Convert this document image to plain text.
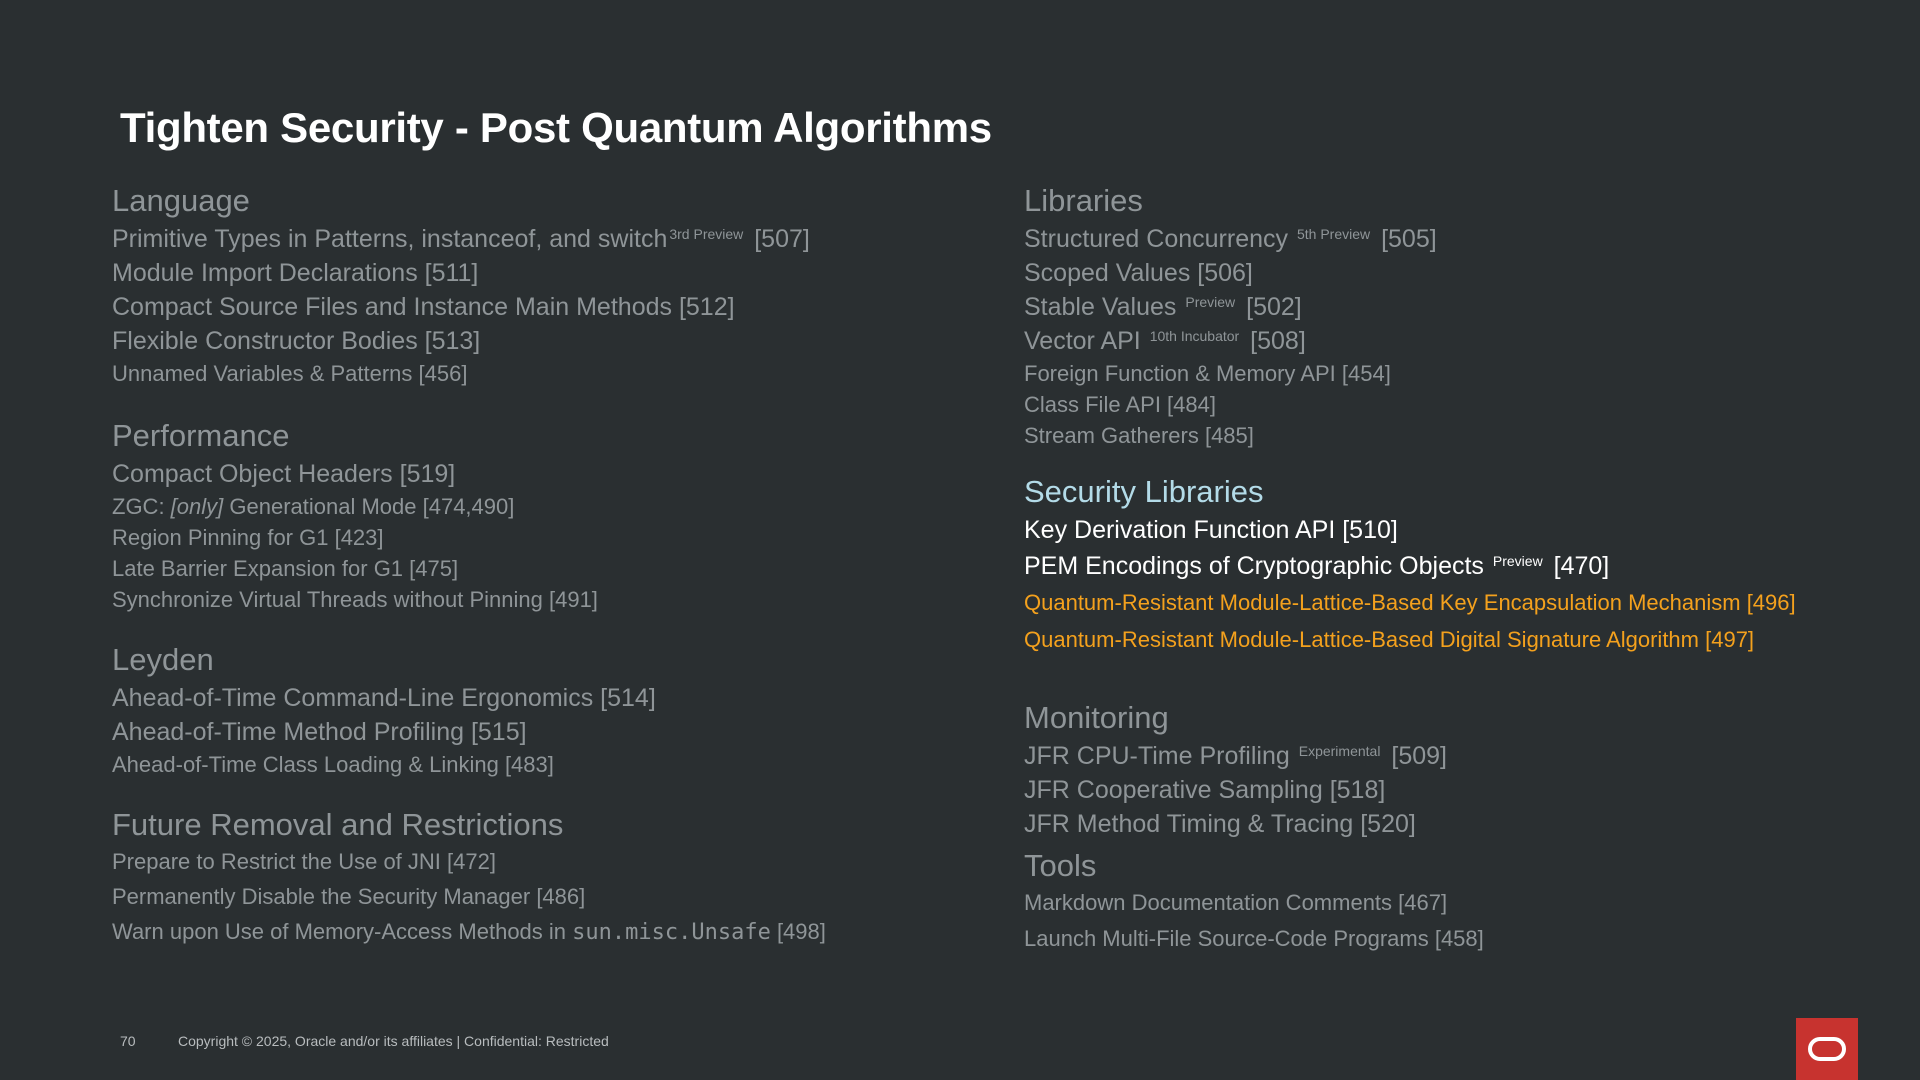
Tighten Security - Post Quantum Algorithms
Language
Primitive Types in Patterns, instanceof, and switch $^{3rd Preview}$ [507]
Module Import Declarations [511]
Compact Source Files and Instance Main Methods [512]
Flexible Constructor Bodies [513]
Unnamed Variables & Patterns [456]
Performance
Compact Object Headers [519]
ZGC: [only] Generational Mode [474,490]
Region Pinning for G1 [423]
Late Barrier Expansion for G1 [475]
Synchronize Virtual Threads without Pinning [491]
Leyden
Ahead-of-Time Command-Line Ergonomics [514]
Ahead-of-Time Method Profiling [515]
Ahead-of-Time Class Loading & Linking [483]
Future Removal and Restrictions
Prepare to Restrict the Use of JNI [472]
Permanently Disable the Security Manager [486]
Warn upon Use of Memory-Access Methods in sun.misc.Unsafe [498]
Libraries
Structured Concurrency $^{5th Preview}$ [505]
Scoped Values [506]
Stable Values $^{Preview}$ [502]
Vector API $^{10th Incubator}$ [508]
Foreign Function & Memory API [454]
Class File API [484]
Stream Gatherers [485]
Security Libraries
Key Derivation Function API [510]
PEM Encodings of Cryptographic Objects $^{Preview}$ [470]
Quantum-Resistant Module-Lattice-Based Key Encapsulation Mechanism [496]
Quantum-Resistant Module-Lattice-Based Digital Signature Algorithm [497]
Monitoring
JFR CPU-Time Profiling $^{Experimental}$ [509]
JFR Cooperative Sampling [518]
JFR Method Timing & Tracing [520]
Tools
Markdown Documentation Comments [467]
Launch Multi-File Source-Code Programs [458]
70	Copyright © 2025, Oracle and/or its affiliates | Confidential: Restricted
